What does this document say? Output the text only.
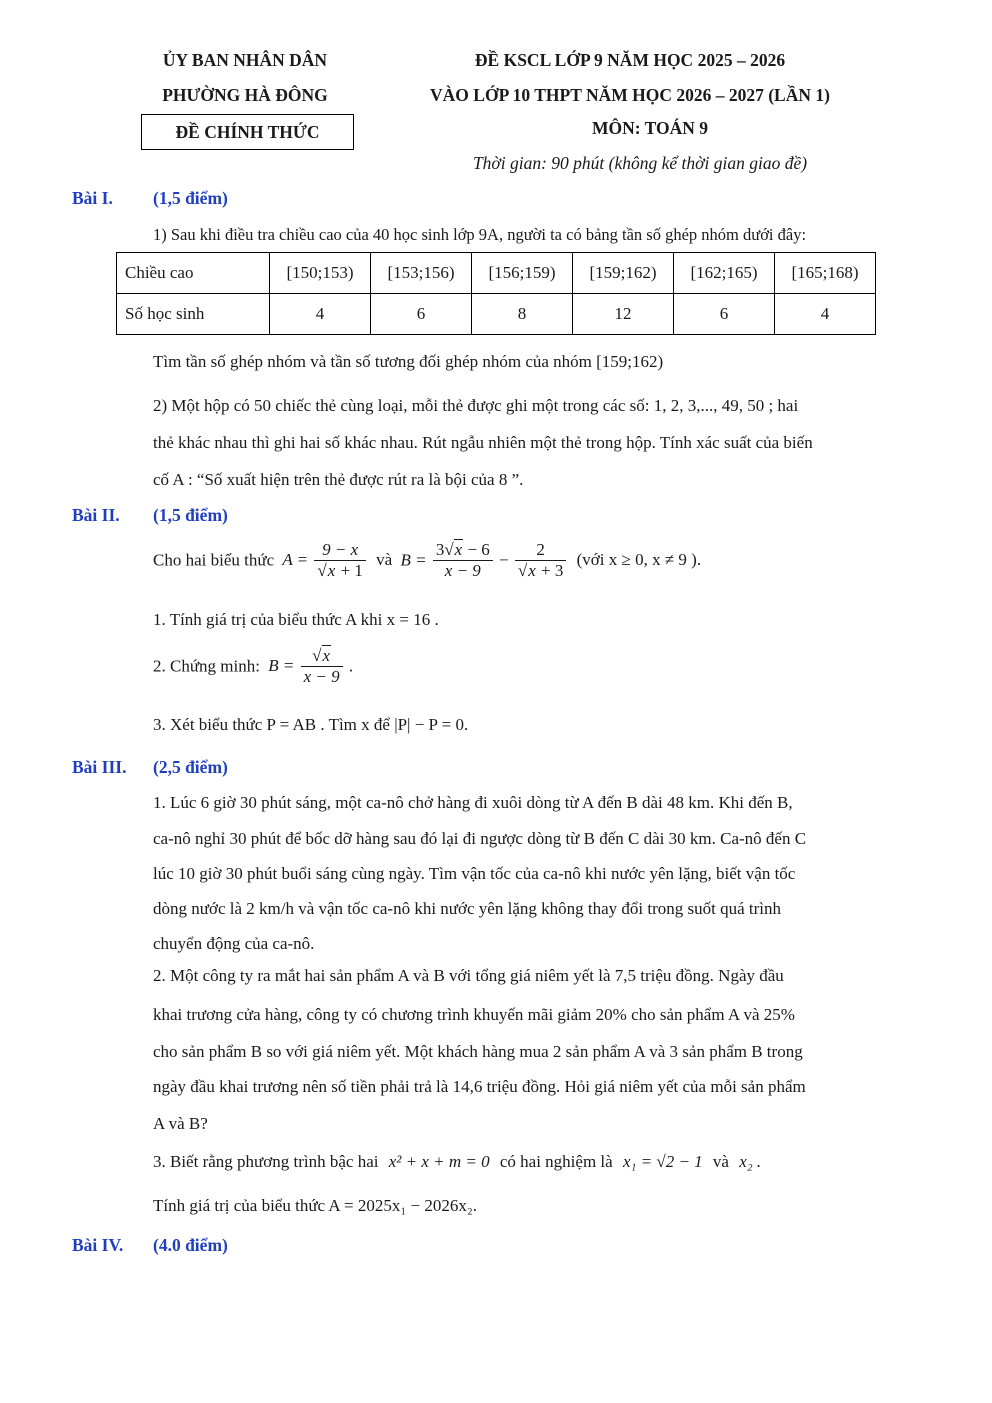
ỦY BAN NHÂN DÂN
PHƯỜNG HÀ ĐÔNG
ĐỀ CHÍNH THỨC
ĐỀ KSCL LỚP 9 NĂM HỌC 2025 – 2026
VÀO LỚP 10 THPT NĂM HỌC 2026 – 2027 (LẦN 1)
MÔN: TOÁN 9
Thời gian: 90 phút (không kể thời gian giao đề)
Bài I. (1,5 điểm)
1) Sau khi điều tra chiều cao của 40 học sinh lớp 9A, người ta có bảng tần số ghép nhóm dưới đây:
Chiều cao	[150;153)	[153;156)	[156;159)	[159;162)	[162;165)	[165;168)
Số học sinh	4	6	8	12	6	4
Tìm tần số ghép nhóm và tần số tương đối ghép nhóm của nhóm [159;162)
2) Một hộp có 50 chiếc thẻ cùng loại, mỗi thẻ được ghi một trong các số: 1, 2, 3,..., 49, 50 ; hai
thẻ khác nhau thì ghi hai số khác nhau. Rút ngẫu nhiên một thẻ trong hộp. Tính xác suất của biến
cố A : “Số xuất hiện trên thẻ được rút ra là bội của 8 ”.
Bài II. (1,5 điểm)
Cho hai biểu thức $A = \frac{9 - x}{√x + 1}$ và $B = \frac{3√x - 6}{x - 9} - \frac{2}{√x + 3}$ (với x ≥ 0, x ≠ 9 ).
1. Tính giá trị của biểu thức A khi x = 16 .
2. Chứng minh: $B = \frac{√x}{x - 9}$ .
3. Xét biểu thức P = AB . Tìm x để |P| − P = 0.
Bài III. (2,5 điểm)
1. Lúc 6 giờ 30 phút sáng, một ca-nô chở hàng đi xuôi dòng từ A đến B dài 48 km. Khi đến B,
ca-nô nghỉ 30 phút để bốc dỡ hàng sau đó lại đi ngược dòng từ B đến C dài 30 km. Ca-nô đến C
lúc 10 giờ 30 phút buổi sáng cùng ngày. Tìm vận tốc của ca-nô khi nước yên lặng, biết vận tốc
dòng nước là 2 km/h và vận tốc ca-nô khi nước yên lặng không thay đổi trong suốt quá trình
chuyển động của ca-nô.
2. Một công ty ra mắt hai sản phẩm A và B với tổng giá niêm yết là 7,5 triệu đồng. Ngày đầu
khai trương cửa hàng, công ty có chương trình khuyến mãi giảm 20% cho sản phẩm A và 25%
cho sản phẩm B so với giá niêm yết. Một khách hàng mua 2 sản phẩm A và 3 sản phẩm B trong
ngày đầu khai trương nên số tiền phải trả là 14,6 triệu đồng. Hỏi giá niêm yết của mỗi sản phẩm
A và B?
3. Biết rằng phương trình bậc hai x² + x + m = 0 có hai nghiệm là x₁ = √2 − 1 và x₂ .
Tính giá trị của biểu thức A = 2025x₁ − 2026x₂.
Bài IV. (4.0 điểm)
